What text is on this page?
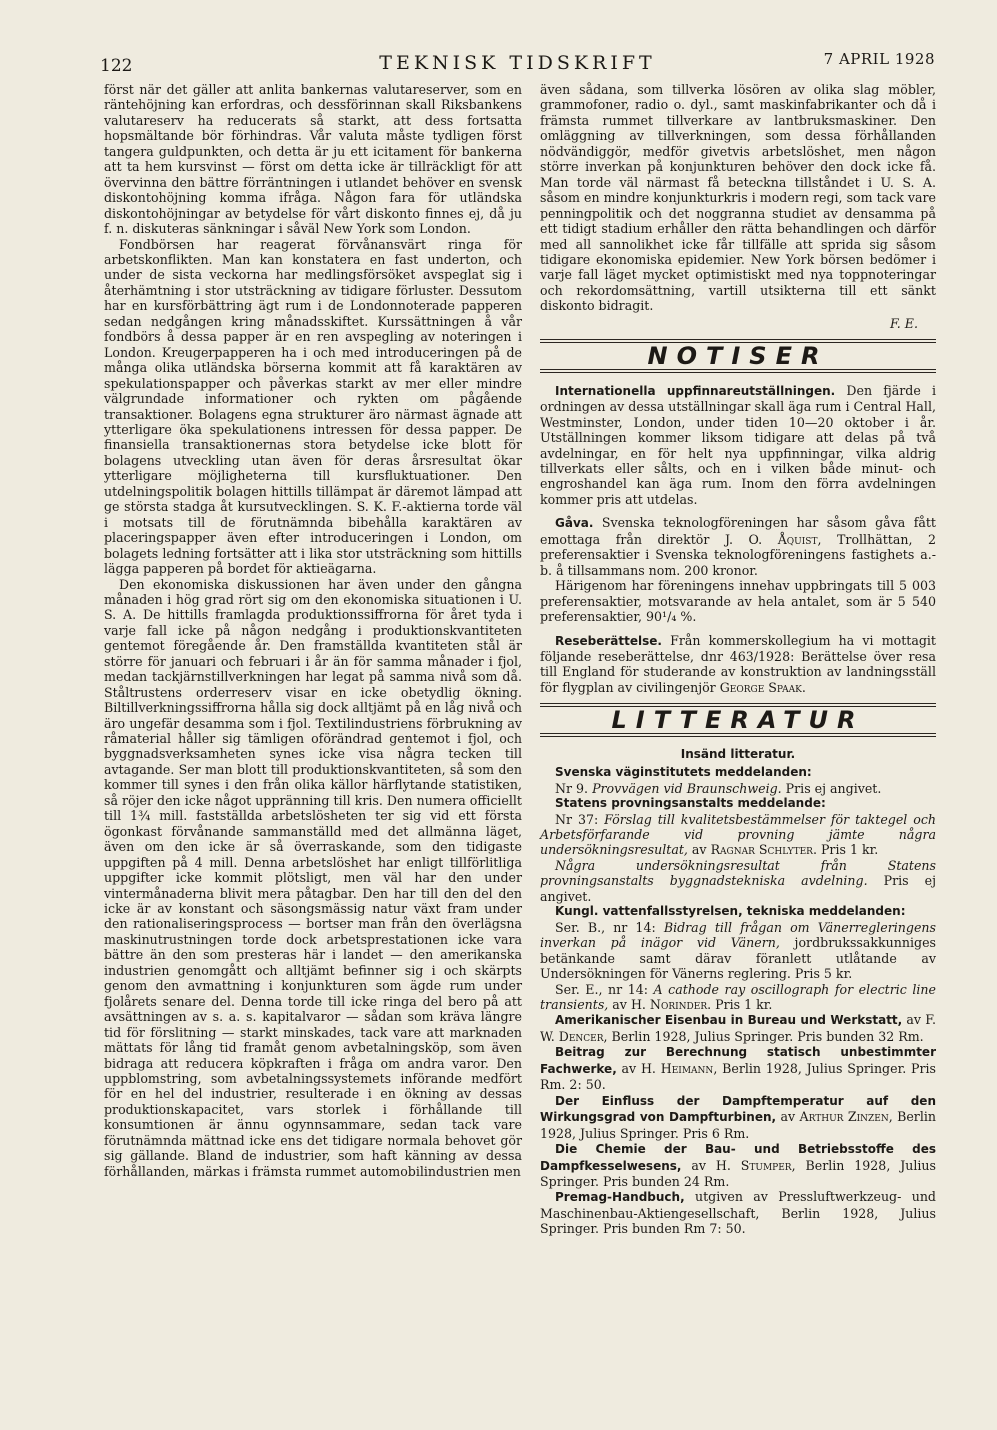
122	TEKNISK TIDSKRIFT	7 APRIL 1928

först när det gäller att anlita bankernas valutareserver, som en räntehöjning kan erfordras, och dessförinnan skall Riksbankens valutareserv ha reducerats så starkt, att dess fortsatta hopsmältande bör förhindras. Vår valuta måste tydligen först tangera guldpunkten, och detta är ju ett icitament för bankerna att ta hem kursvinst — först om detta icke är tillräckligt för att övervinna den bättre förräntningen i utlandet behöver en svensk diskontohöjning komma ifråga. Någon fara för utländska diskontohöjningar av betydelse för vårt diskonto finnes ej, då ju f. n. diskuteras sänkningar i såväl New York som London.

Fondbörsen har reagerat förvånansvärt ringa för arbetskonflikten. Man kan konstatera en fast underton, och under de sista veckorna har medlingsförsöket avspeglat sig i återhämtning i stor utsträckning av tidigare förluster. Dessutom har en kursförbättring ägt rum i de Londonnoterade papperen sedan nedgången kring månadsskiftet. Kurssättningen å vår fondbörs å dessa papper är en ren avspegling av noteringen i London. Kreugerpapperen ha i och med introduceringen på de många olika utländska börserna kommit att få karaktären av spekulationspapper och påverkas starkt av mer eller mindre välgrundade informationer och rykten om pågående transaktioner. Bolagens egna strukturer äro närmast ägnade att ytterligare öka spekulationens intressen för dessa papper. De finansiella transaktionernas stora betydelse icke blott för bolagens utveckling utan även för deras årsresultat ökar ytterligare möjligheterna till kursfluktuationer. Den utdelningspolitik bolagen hittills tillämpat är däremot lämpad att ge största stadga åt kursutvecklingen. S. K. F.-aktierna torde väl i motsats till de förutnämnda bibehålla karaktären av placeringspapper även efter introduceringen i London, om bolagets ledning fortsätter att i lika stor utsträckning som hittills lägga papperen på bordet för aktieägarna.

Den ekonomiska diskussionen har även under den gångna månaden i hög grad rört sig om den ekonomiska situationen i U. S. A. De hittills framlagda produktionssiffrorna för året tyda i varje fall icke på någon nedgång i produktionskvantiteten gentemot föregående år. Den framställda kvantiteten stål är större för januari och februari i år än för samma månader i fjol, medan tackjärnstillverkningen har legat på samma nivå som då. Ståltrustens orderreserv visar en icke obetydlig ökning. Biltillverkningssiffrorna hålla sig dock alltjämt på en låg nivå och äro ungefär desamma som i fjol. Textilindustriens förbrukning av råmaterial håller sig tämligen oförändrad gentemot i fjol, och byggnadsverksamheten synes icke visa några tecken till avtagande. Ser man blott till produktionskvantiteten, så som den kommer till synes i den från olika källor härflytande statistiken, så röjer den icke något uppränning till kris. Den numera officiellt till 1¾ mill. fastställda arbetslösheten ter sig vid ett första ögonkast förvånande sammanställd med det allmänna läget, även om den icke är så överraskande, som den tidigaste uppgiften på 4 mill. Denna arbetslöshet har enligt tillförlitliga uppgifter icke kommit plötsligt, men väl har den under vintermånaderna blivit mera påtagbar. Den har till den del den icke är av konstant och säsongsmässig natur växt fram under den rationaliseringsprocess — bortser man från den överlägsna maskinutrustningen torde dock arbetsprestationen icke vara bättre än den som presteras här i landet — den amerikanska industrien genomgått och alltjämt befinner sig i och skärpts genom den avmattning i konjunkturen som ägde rum under fjolårets senare del. Denna torde till icke ringa del bero på att avsättningen av s. a. s. kapitalvaror — sådan som kräva längre tid för förslitning — starkt minskades, tack vare att marknaden mättats för lång tid framåt genom avbetalningsköp, som även bidraga att reducera köpkraften i fråga om andra varor. Den uppblomstring, som avbetalningssystemets införande medfört för en hel del industrier, resulterade i en ökning av dessas produktionskapacitet, vars storlek i förhållande till konsumtionen är ännu ogynnsammare, sedan tack vare förutnämnda mättnad icke ens det tidigare normala behovet gör sig gällande. Bland de industrier, som haft känning av dessa förhållanden, märkas i främsta rummet automobilindustrien men

även sådana, som tillverka lösören av olika slag möbler, grammofoner, radio o. dyl., samt maskinfabrikanter och då i främsta rummet tillverkare av lantbruksmaskiner. Den omläggning av tillverkningen, som dessa förhållanden nödvändiggör, medför givetvis arbetslöshet, men någon större inverkan på konjunkturen behöver den dock icke få. Man torde väl närmast få beteckna tillståndet i U. S. A. såsom en mindre konjunkturkris i modern regi, som tack vare penningpolitik och det noggranna studiet av densamma på ett tidigt stadium erhåller den rätta behandlingen och därför med all sannolikhet icke får tillfälle att sprida sig såsom tidigare ekonomiska epidemier. New York börsen bedömer i varje fall läget mycket optimistiskt med nya toppnoteringar och rekordomsättning, vartill utsikterna till ett sänkt diskonto bidragit.

F. E.
NOTISER

Internationella uppfinnareutställningen. Den fjärde i ordningen av dessa utställningar skall äga rum i Central Hall, Westminster, London, under tiden 10—20 oktober i år. Utställningen kommer liksom tidigare att delas på två avdelningar, en för helt nya uppfinningar, vilka aldrig tillverkats eller sålts, och en i vilken både minut- och engroshandel kan äga rum. Inom den förra avdelningen kommer pris att utdelas.

Gåva. Svenska teknologföreningen har såsom gåva fått emottaga från direktör J. O. Åquist, Trollhättan, 2 preferensaktier i Svenska teknologföreningens fastighets a.-b. å tillsammans nom. 200 kronor.

Härigenom har föreningens innehav uppbringats till 5 003 preferensaktier, motsvarande av hela antalet, som är 5 540 preferensaktier, 90¹/₄ %.

Reseberättelse. Från kommerskollegium ha vi mottagit följande reseberättelse, dnr 463/1928: Berättelse över resa till England för studerande av konstruktion av landningsställ för flygplan av civilingenjör George Spaak.

LITTERATUR
Insänd litteratur.
Svenska väginstitutets meddelanden:

Nr 9. Provvägen vid Braunschweig. Pris ej angivet.

Statens provningsanstalts meddelande:

Nr 37: Förslag till kvalitetsbestämmelser för taktegel och Arbetsförfarande vid provning jämte några undersökningsresultat, av Ragnar Schlyter. Pris 1 kr.

Några undersökningsresultat från Statens provningsanstalts byggnadstekniska avdelning. Pris ej angivet.

Kungl. vattenfallsstyrelsen, tekniska meddelanden:

Ser. B., nr 14: Bidrag till frågan om Vänerregleringens inverkan på inägor vid Vänern, jordbrukssakkunniges betänkande samt därav föranlett utlåtande av Undersökningen för Vänerns reglering. Pris 5 kr.

Ser. E., nr 14: A cathode ray oscillograph for electric line transients, av H. Norinder. Pris 1 kr.

Amerikanischer Eisenbau in Bureau und Werkstatt, av F. W. Dencer, Berlin 1928, Julius Springer. Pris bunden 32 Rm.

Beitrag zur Berechnung statisch unbestimmter Fachwerke, av H. Heimann, Berlin 1928, Julius Springer. Pris Rm. 2: 50.

Der Einfluss der Dampftemperatur auf den Wirkungsgrad von Dampfturbinen, av Arthur Zinzen, Berlin 1928, Julius Springer. Pris 6 Rm.

Die Chemie der Bau- und Betriebsstoffe des Dampfkesselwesens, av H. Stumper, Berlin 1928, Julius Springer. Pris bunden 24 Rm.

Premag-Handbuch, utgiven av Pressluftwerkzeug- und Maschinenbau-Aktiengesellschaft, Berlin 1928, Julius Springer. Pris bunden Rm 7: 50.
